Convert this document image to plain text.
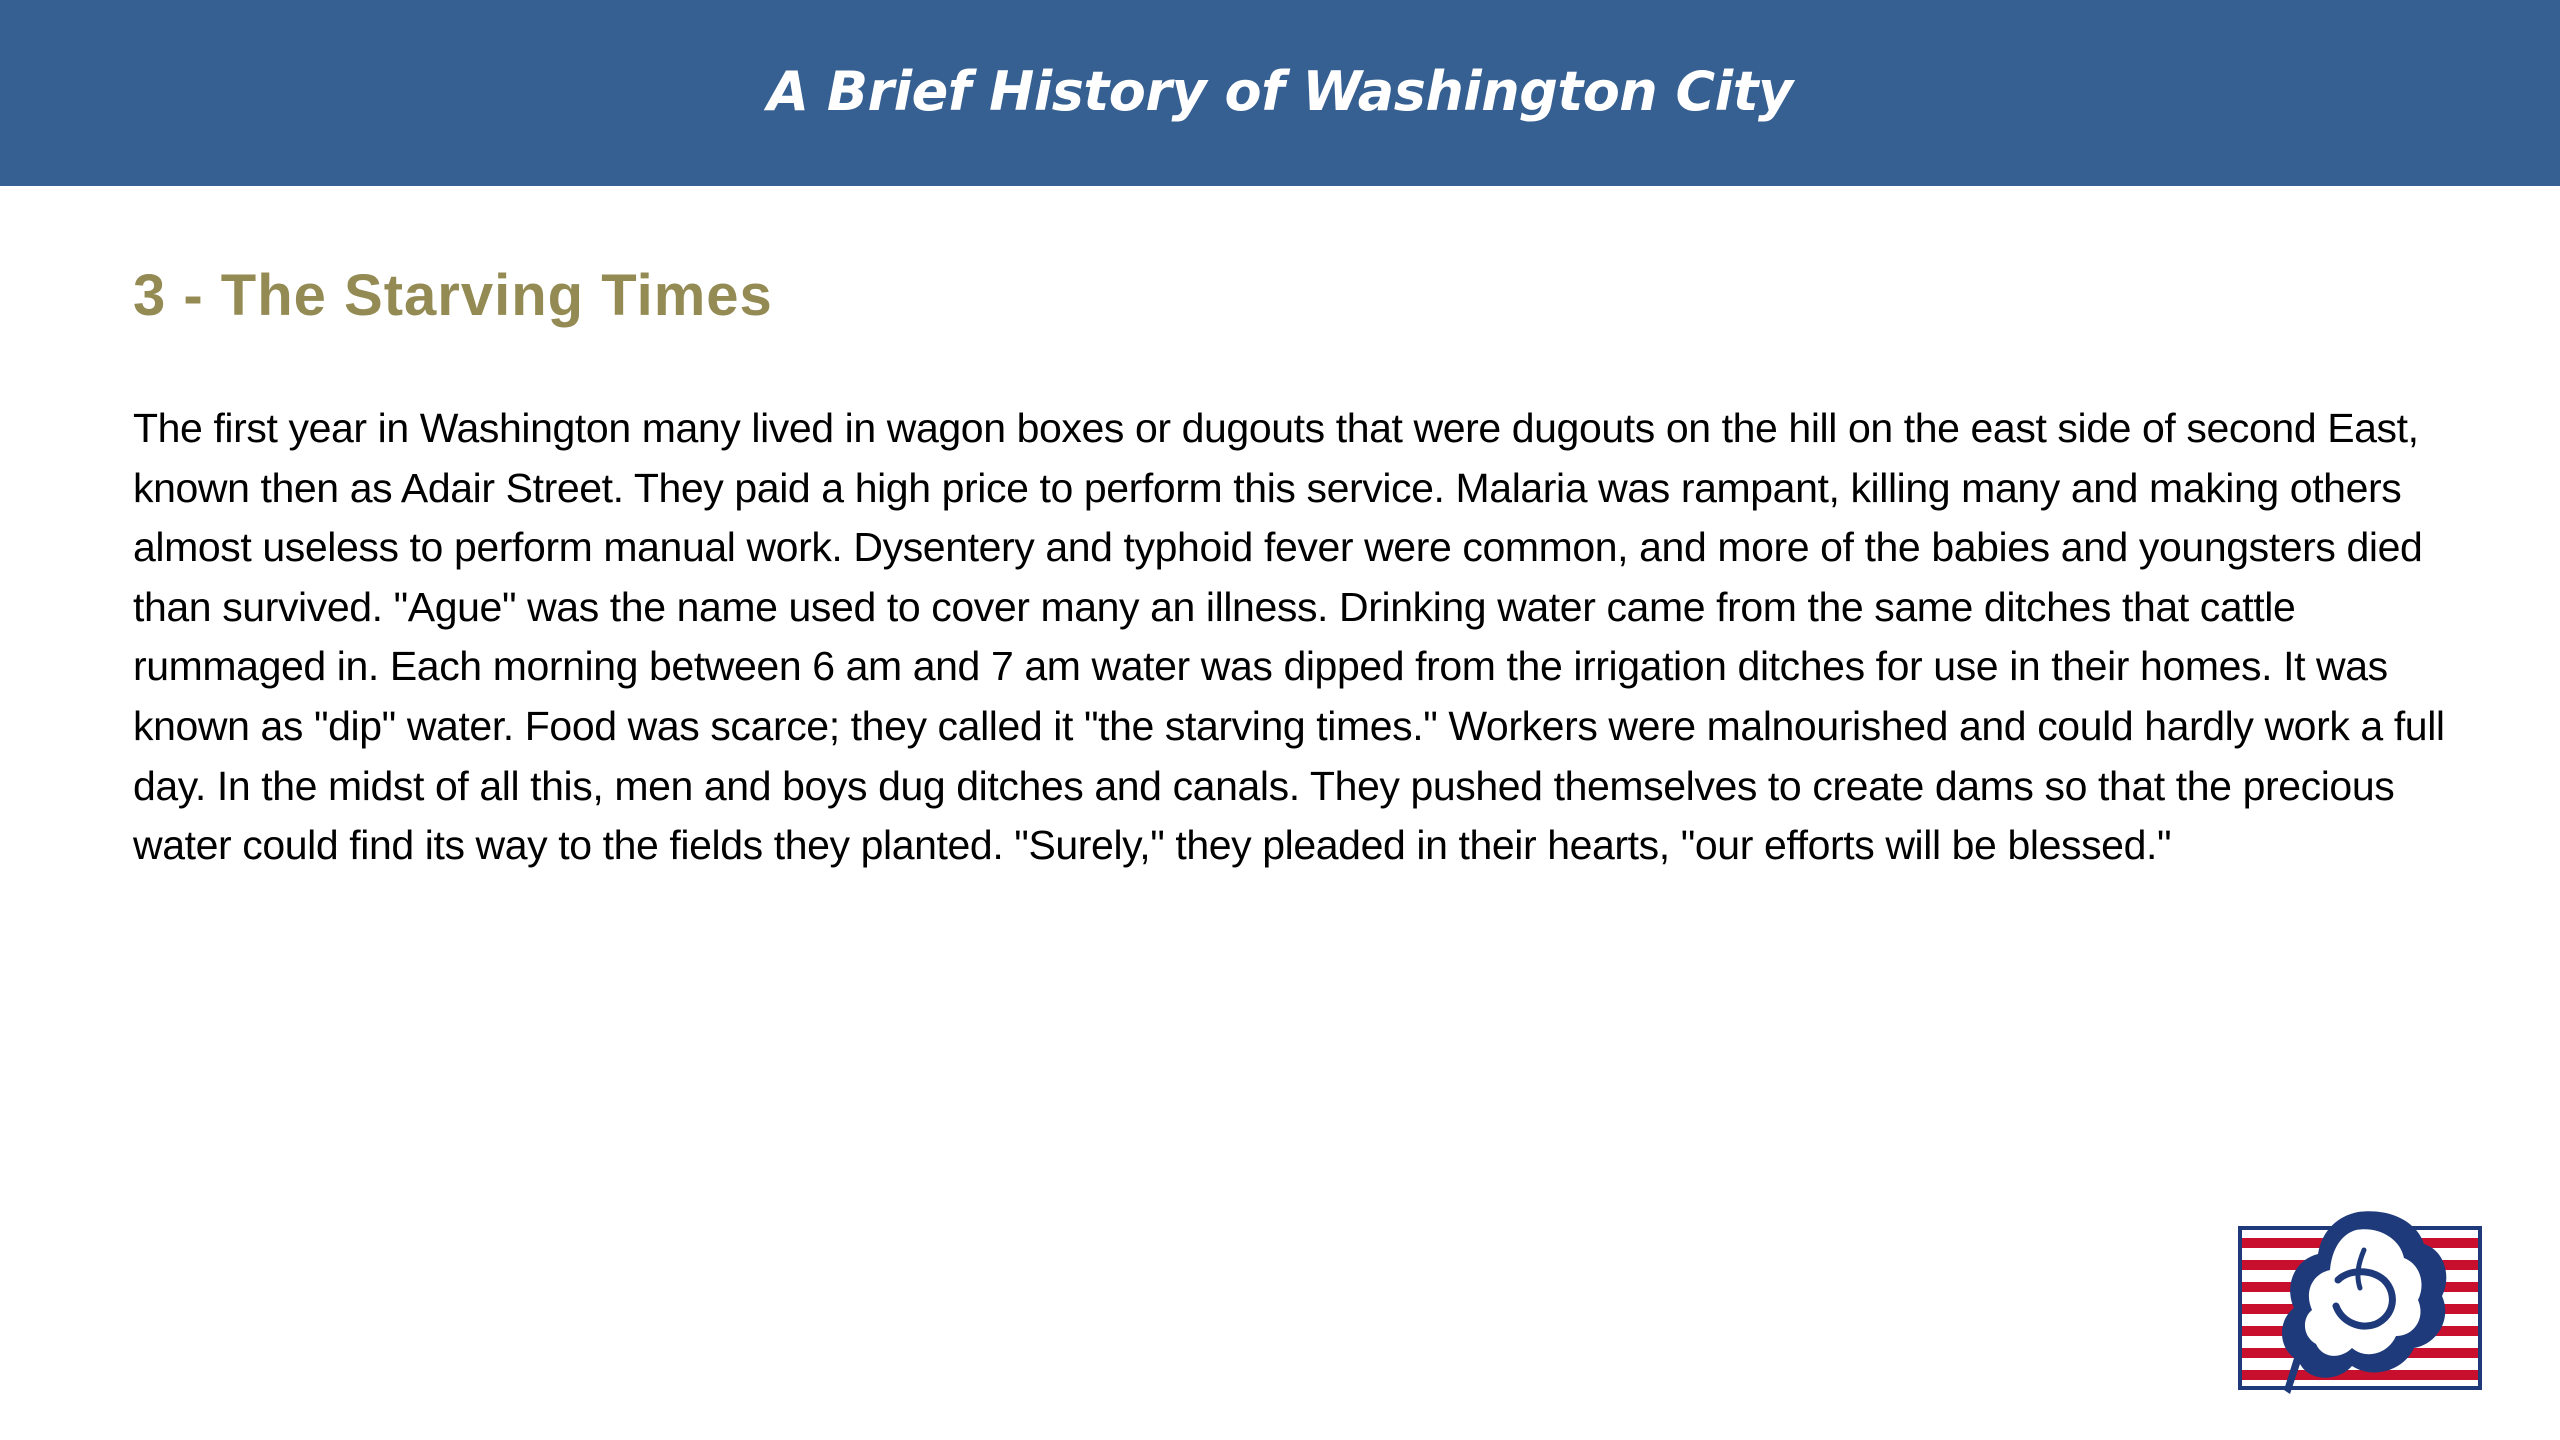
A Brief History of Washington City
3 - The Starving Times

The first year in Washington many lived in wagon boxes or dugouts that were dugouts on the hill on the east side of second East, known then as Adair Street. They paid a high price to perform this service. Malaria was rampant, killing many and making others almost useless to perform manual work. Dysentery and typhoid fever were common, and more of the babies and youngsters died than survived. "Ague" was the name used to cover many an illness. Drinking water came from the same ditches that cattle rummaged in. Each morning between 6 am and 7 am water was dipped from the irrigation ditches for use in their homes. It was known as "dip" water. Food was scarce; they called it "the starving times." Workers were malnourished and could hardly work a full day. In the midst of all this, men and boys dug ditches and canals. They pushed themselves to create dams so that the precious water could find its way to the fields they planted. "Surely," they pleaded in their hearts, "our efforts will be blessed."
